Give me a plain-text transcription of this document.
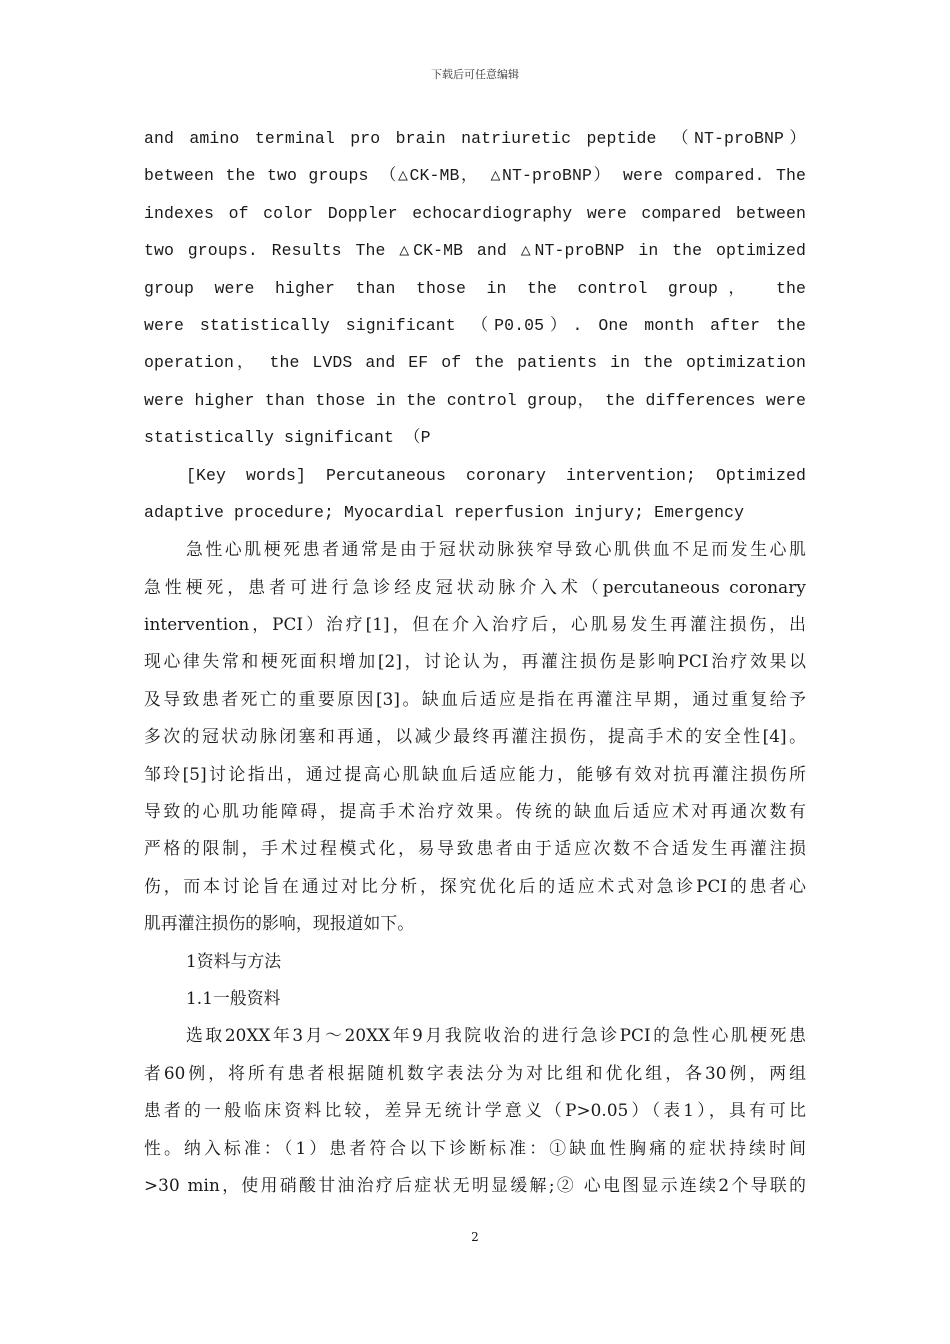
下载后可任意编辑
and amino terminal pro brain natriuretic peptide （NT-proBNP）
between the two groups （△CK-MB， △NT-proBNP） were compared. The
indexes of color Doppler echocardiography were compared between
two groups. Results The △CK-MB and △NT-proBNP in the optimized
group were higher than those in the control group， the
were statistically significant （P0.05）. One month after the
operation， the LVDS and EF of the patients in the optimization
were higher than those in the control group， the differences were
statistically significant （P
[Key words] Percutaneous coronary intervention; Optimized
adaptive procedure; Myocardial reperfusion injury; Emergency
急性心肌梗死患者通常是由于冠状动脉狭窄导致心肌供血不足而发生心肌
急性梗死，患者可进行急诊经皮冠状动脉介入术（percutaneous coronary
intervention，PCI）治疗[1]，但在介入治疗后，心肌易发生再灌注损伤，出
现心律失常和梗死面积增加[2]，讨论认为，再灌注损伤是影响PCI治疗效果以
及导致患者死亡的重要原因[3]。缺血后适应是指在再灌注早期，通过重复给予
多次的冠状动脉闭塞和再通，以减少最终再灌注损伤，提高手术的安全性[4]。
邹玲[5]讨论指出，通过提高心肌缺血后适应能力，能够有效对抗再灌注损伤所
导致的心肌功能障碍，提高手术治疗效果。传统的缺血后适应术对再通次数有
严格的限制，手术过程模式化，易导致患者由于适应次数不合适发生再灌注损
伤，而本讨论旨在通过对比分析，探究优化后的适应术式对急诊PCI的患者心
肌再灌注损伤的影响，现报道如下。
1资料与方法
1.1一般资料
选取20XX年3月～20XX年9月我院收治的进行急诊PCI的急性心肌梗死患
者60例，将所有患者根据随机数字表法分为对比组和优化组，各30例，两组
患者的一般临床资料比较，差异无统计学意义（P>0.05）（表1），具有可比
性。纳入标准：（1）患者符合以下诊断标准：①缺血性胸痛的症状持续时间
>30 min，使用硝酸甘油治疗后症状无明显缓解;② 心电图显示连续2个导联的
2
